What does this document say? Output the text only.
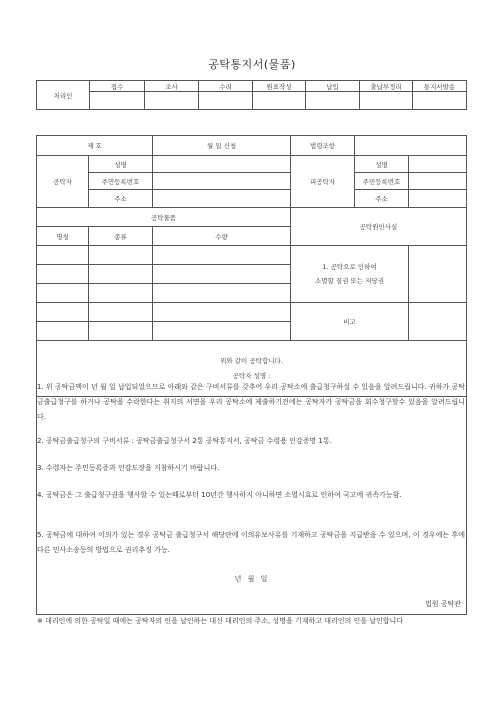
공탁통지서(물품)
처리인	접수	조사	수리	원표작성	납입	출납부정리	통지서발송

제 호		월 일 신청	법령조항		
공탁자	성명		피공탁자	성명	
	주민등록번호			주민등록번호	
	주소			주소	
공탁물품			공탁원인사실		
명칭	종류	수량			

			1. 공탁으로 인하여
소멸할 질권 또는 저당권		

			비고		

위와 같이 공탁합니다.
공탁자 성명 :					
1. 위 공탁금액이 년 월 일 납입되었으므로 아래와 같은 구비서류를 갖추어 우리 공탁소에 출급청구하실 수 있음을 알려드립니다. 귀하가 공탁금출급청구를 하거나 공탁을 수락한다는 취지의 서면을 우리 공탁소에 제출하기전에는 공탁자가 공탁금을 회수청구할수 있음을 알려드립니다.
2. 공탁금출급청구의 구비서류 : 공탁금출급청구서 2통 공탁통지서, 공탁금 수령용 인감증명 1통.
3. 수령자는 주민등록증과 인감도장을 지참하시기 바랍니다.
4. 공탁금은 그 출급청구권을 행사할 수 있는때로부터 10년간 행사하지 아니하면 소멸시효로 인하여 국고에 귀속가능함.
5. 공탁금에 대하여 이의가 있는 경우 공탁금 출급청구서 해당란에 이의유보사유를 기재하고 공탁금을 지급받을 수 있으며, 이 경우에는 후에 다른 민사소송등의 방법으로 권리추징 가능.
년 월 일
법원 공탁관
※ 대리인에 의한 공탁일 때에는 공탁자의 인을 날인하는 대신 대리인의 주소, 성명을 기재하고 대리인의 인을 날인합니다
